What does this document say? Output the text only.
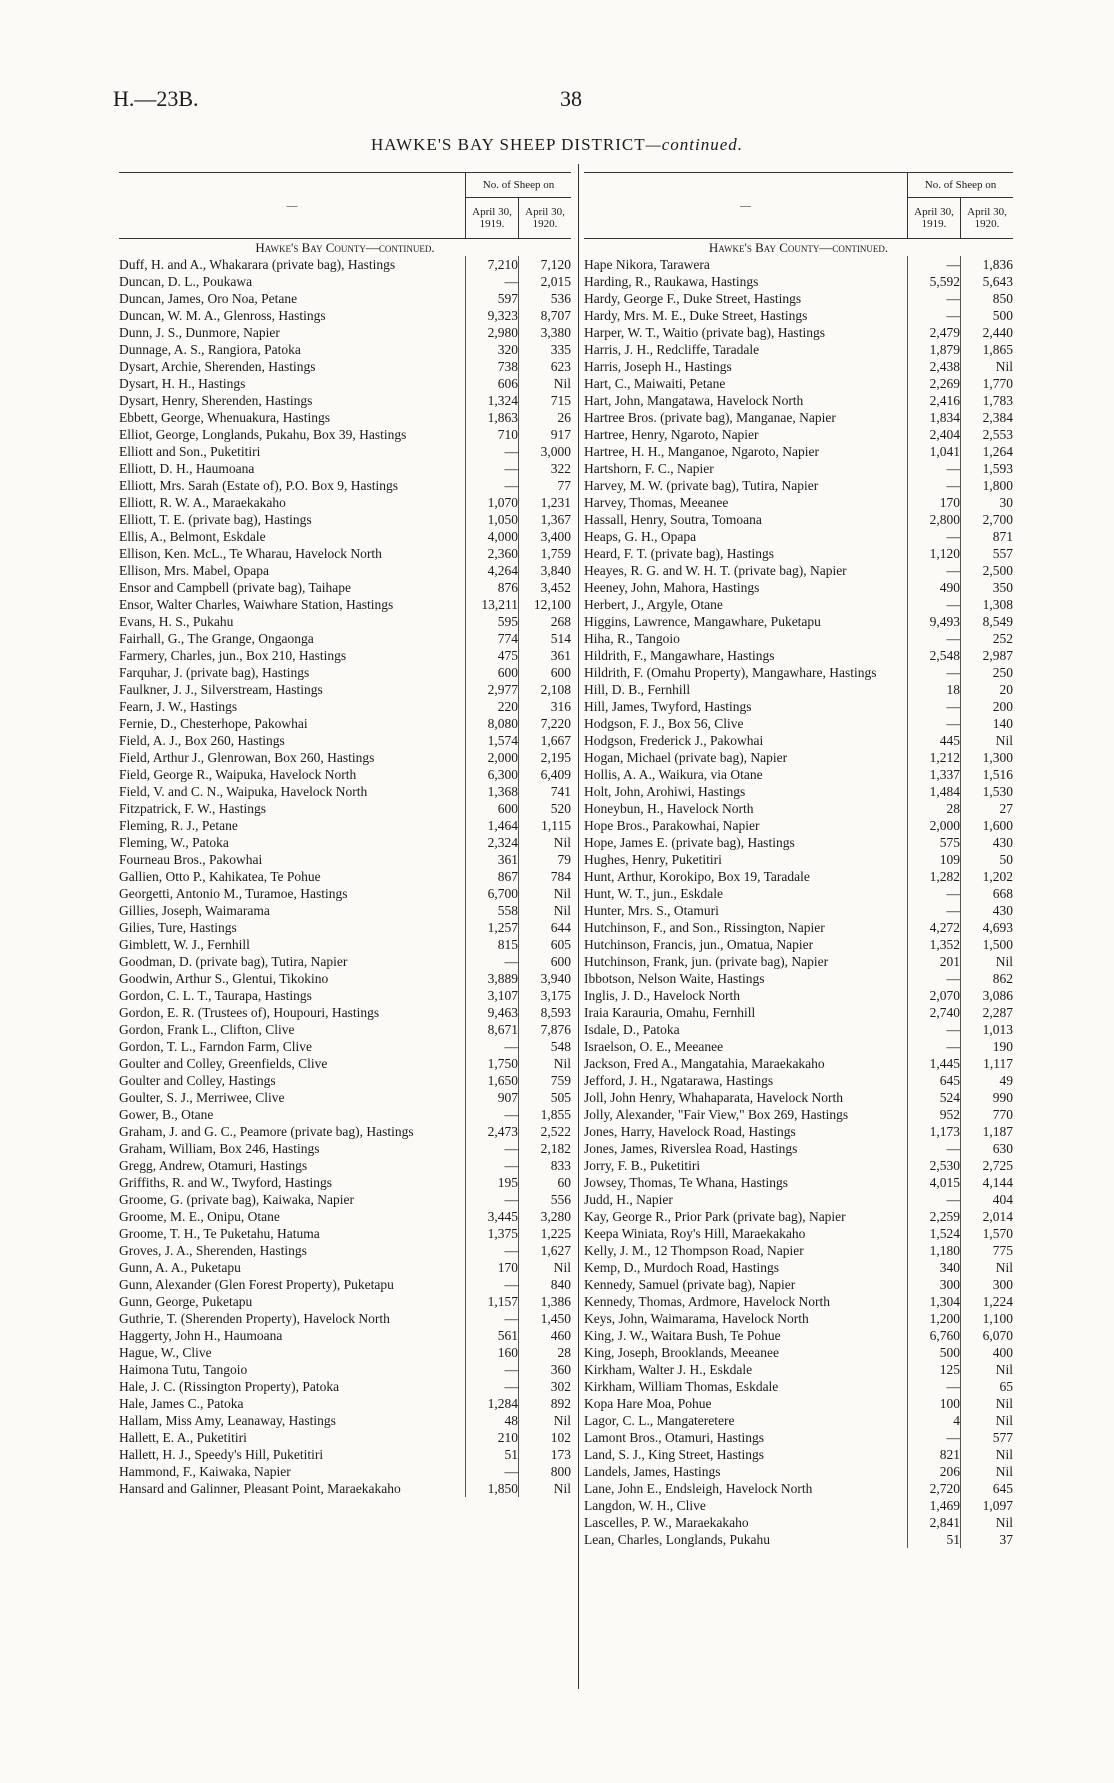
H.—23B.	38
HAWKE'S BAY SHEEP DISTRICT—continued.
—	No. of Sheep on		
	April 30, 1919.	April 30, 1920.	
Hawke's Bay County—continued.			
Duff, H. and A., Whakarara (private bag), Hastings	7,210	7,120	
Duncan, D. L., Poukawa	—	2,015	
Duncan, James, Oro Noa, Petane	597	536	
Duncan, W. M. A., Glenross, Hastings	9,323	8,707	
Dunn, J. S., Dunmore, Napier	2,980	3,380	
Dunnage, A. S., Rangiora, Patoka	320	335	
Dysart, Archie, Sherenden, Hastings	738	623	
Dysart, H. H., Hastings	606	Nil	
Dysart, Henry, Sherenden, Hastings	1,324	715	
Ebbett, George, Whenuakura, Hastings	1,863	26	
Elliot, George, Longlands, Pukahu, Box 39, Hastings	710	917	
Elliott and Son., Puketitiri	—	3,000	
Elliott, D. H., Haumoana	—	322	
Elliott, Mrs. Sarah (Estate of), P.O. Box 9, Hastings	—	77	
Elliott, R. W. A., Maraekakaho	1,070	1,231	
Elliott, T. E. (private bag), Hastings	1,050	1,367	
Ellis, A., Belmont, Eskdale	4,000	3,400	
Ellison, Ken. McL., Te Wharau, Havelock North	2,360	1,759	
Ellison, Mrs. Mabel, Opapa	4,264	3,840	
Ensor and Campbell (private bag), Taihape	876	3,452	
Ensor, Walter Charles, Waiwhare Station, Hastings	13,211	12,100	
Evans, H. S., Pukahu	595	268	
Fairhall, G., The Grange, Ongaonga	774	514	
Farmery, Charles, jun., Box 210, Hastings	475	361	
Farquhar, J. (private bag), Hastings	600	600	
Faulkner, J. J., Silverstream, Hastings	2,977	2,108	
Fearn, J. W., Hastings	220	316	
Fernie, D., Chesterhope, Pakowhai	8,080	7,220	
Field, A. J., Box 260, Hastings	1,574	1,667	
Field, Arthur J., Glenrowan, Box 260, Hastings	2,000	2,195	
Field, George R., Waipuka, Havelock North	6,300	6,409	
Field, V. and C. N., Waipuka, Havelock North	1,368	741	
Fitzpatrick, F. W., Hastings	600	520	
Fleming, R. J., Petane	1,464	1,115	
Fleming, W., Patoka	2,324	Nil	
Fourneau Bros., Pakowhai	361	79	
Gallien, Otto P., Kahikatea, Te Pohue	867	784	
Georgetti, Antonio M., Turamoe, Hastings	6,700	Nil	
Gillies, Joseph, Waimarama	558	Nil	
Gilies, Ture, Hastings	1,257	644	
Gimblett, W. J., Fernhill	815	605	
Goodman, D. (private bag), Tutira, Napier	—	600	
Goodwin, Arthur S., Glentui, Tikokino	3,889	3,940	
Gordon, C. L. T., Taurapa, Hastings	3,107	3,175	
Gordon, E. R. (Trustees of), Houpouri, Hastings	9,463	8,593	
Gordon, Frank L., Clifton, Clive	8,671	7,876	
Gordon, T. L., Farndon Farm, Clive	—	548	
Goulter and Colley, Greenfields, Clive	1,750	Nil	
Goulter and Colley, Hastings	1,650	759	
Goulter, S. J., Merriwee, Clive	907	505	
Gower, B., Otane	—	1,855	
Graham, J. and G. C., Peamore (private bag), Hastings	2,473	2,522	
Graham, William, Box 246, Hastings	—	2,182	
Gregg, Andrew, Otamuri, Hastings	—	833	
Griffiths, R. and W., Twyford, Hastings	195	60	
Groome, G. (private bag), Kaiwaka, Napier	—	556	
Groome, M. E., Onipu, Otane	3,445	3,280	
Groome, T. H., Te Puketahu, Hatuma	1,375	1,225	
Groves, J. A., Sherenden, Hastings	—	1,627	
Gunn, A. A., Puketapu	170	Nil	
Gunn, Alexander (Glen Forest Property), Puketapu	—	840	
Gunn, George, Puketapu	1,157	1,386	
Guthrie, T. (Sherenden Property), Havelock North	—	1,450	
Haggerty, John H., Haumoana	561	460	
Hague, W., Clive	160	28	
Haimona Tutu, Tangoio	—	360	
Hale, J. C. (Rissington Property), Patoka	—	302	
Hale, James C., Patoka	1,284	892	
Hallam, Miss Amy, Leanaway, Hastings	48	Nil	
Hallett, E. A., Puketitiri	210	102	
Hallett, H. J., Speedy's Hill, Puketitiri	51	173	
Hammond, F., Kaiwaka, Napier	—	800	
Hansard and Galinner, Pleasant Point, Maraekakaho	1,850	Nil	
—	No. of Sheep on		
	April 30, 1919.	April 30, 1920.	
Hawke's Bay County—continued.			
Hape Nikora, Tarawera	—	1,836	
Harding, R., Raukawa, Hastings	5,592	5,643	
Hardy, George F., Duke Street, Hastings	—	850	
Hardy, Mrs. M. E., Duke Street, Hastings	—	500	
Harper, W. T., Waitio (private bag), Hastings	2,479	2,440	
Harris, J. H., Redcliffe, Taradale	1,879	1,865	
Harris, Joseph H., Hastings	2,438	Nil	
Hart, C., Maiwaiti, Petane	2,269	1,770	
Hart, John, Mangatawa, Havelock North	2,416	1,783	
Hartree Bros. (private bag), Manganae, Napier	1,834	2,384	
Hartree, Henry, Ngaroto, Napier	2,404	2,553	
Hartree, H. H., Manganoe, Ngaroto, Napier	1,041	1,264	
Hartshorn, F. C., Napier	—	1,593	
Harvey, M. W. (private bag), Tutira, Napier	—	1,800	
Harvey, Thomas, Meeanee	170	30	
Hassall, Henry, Soutra, Tomoana	2,800	2,700	
Heaps, G. H., Opapa	—	871	
Heard, F. T. (private bag), Hastings	1,120	557	
Heayes, R. G. and W. H. T. (private bag), Napier	—	2,500	
Heeney, John, Mahora, Hastings	490	350	
Herbert, J., Argyle, Otane	—	1,308	
Higgins, Lawrence, Mangawhare, Puketapu	9,493	8,549	
Hiha, R., Tangoio	—	252	
Hildrith, F., Mangawhare, Hastings	2,548	2,987	
Hildrith, F. (Omahu Property), Mangawhare, Hastings	—	250	
Hill, D. B., Fernhill	18	20	
Hill, James, Twyford, Hastings	—	200	
Hodgson, F. J., Box 56, Clive	—	140	
Hodgson, Frederick J., Pakowhai	445	Nil	
Hogan, Michael (private bag), Napier	1,212	1,300	
Hollis, A. A., Waikura, via Otane	1,337	1,516	
Holt, John, Arohiwi, Hastings	1,484	1,530	
Honeybun, H., Havelock North	28	27	
Hope Bros., Parakowhai, Napier	2,000	1,600	
Hope, James E. (private bag), Hastings	575	430	
Hughes, Henry, Puketitiri	109	50	
Hunt, Arthur, Korokipo, Box 19, Taradale	1,282	1,202	
Hunt, W. T., jun., Eskdale	—	668	
Hunter, Mrs. S., Otamuri	—	430	
Hutchinson, F., and Son., Rissington, Napier	4,272	4,693	
Hutchinson, Francis, jun., Omatua, Napier	1,352	1,500	
Hutchinson, Frank, jun. (private bag), Napier	201	Nil	
Ibbotson, Nelson Waite, Hastings	—	862	
Inglis, J. D., Havelock North	2,070	3,086	
Iraia Karauria, Omahu, Fernhill	2,740	2,287	
Isdale, D., Patoka	—	1,013	
Israelson, O. E., Meeanee	—	190	
Jackson, Fred A., Mangatahia, Maraekakaho	1,445	1,117	
Jefford, J. H., Ngatarawa, Hastings	645	49	
Joll, John Henry, Whahaparata, Havelock North	524	990	
Jolly, Alexander, "Fair View," Box 269, Hastings	952	770	
Jones, Harry, Havelock Road, Hastings	1,173	1,187	
Jones, James, Riverslea Road, Hastings	—	630	
Jorry, F. B., Puketitiri	2,530	2,725	
Jowsey, Thomas, Te Whana, Hastings	4,015	4,144	
Judd, H., Napier	—	404	
Kay, George R., Prior Park (private bag), Napier	2,259	2,014	
Keepa Winiata, Roy's Hill, Maraekakaho	1,524	1,570	
Kelly, J. M., 12 Thompson Road, Napier	1,180	775	
Kemp, D., Murdoch Road, Hastings	340	Nil	
Kennedy, Samuel (private bag), Napier	300	300	
Kennedy, Thomas, Ardmore, Havelock North	1,304	1,224	
Keys, John, Waimarama, Havelock North	1,200	1,100	
King, J. W., Waitara Bush, Te Pohue	6,760	6,070	
King, Joseph, Brooklands, Meeanee	500	400	
Kirkham, Walter J. H., Eskdale	125	Nil	
Kirkham, William Thomas, Eskdale	—	65	
Kopa Hare Moa, Pohue	100	Nil	
Lagor, C. L., Mangateretere	4	Nil	
Lamont Bros., Otamuri, Hastings	—	577	
Land, S. J., King Street, Hastings	821	Nil	
Landels, James, Hastings	206	Nil	
Lane, John E., Endsleigh, Havelock North	2,720	645	
Langdon, W. H., Clive	1,469	1,097	
Lascelles, P. W., Maraekakaho	2,841	Nil	
Lean, Charles, Longlands, Pukahu	51	37	
